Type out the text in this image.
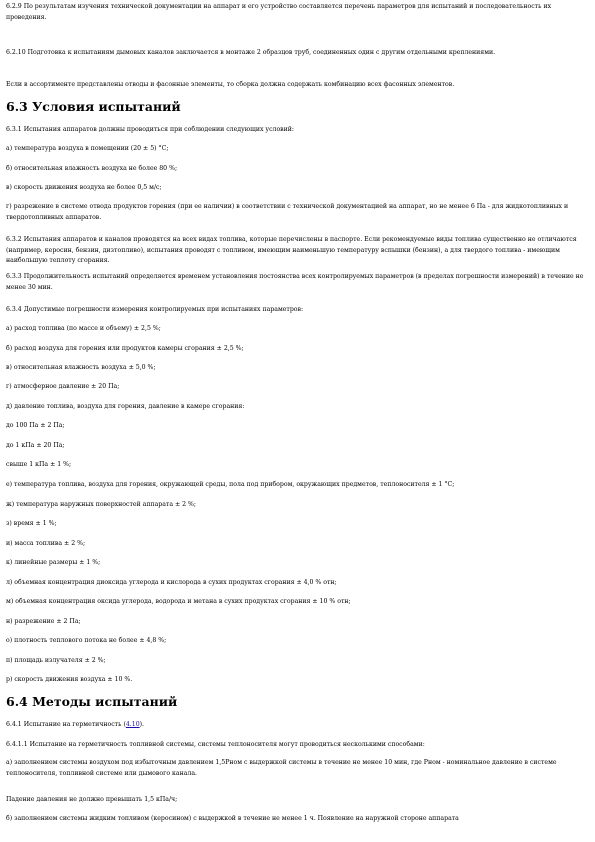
6.2.9 По результатам изучения технической документации на аппарат и его устройство составляется перечень параметров для испытаний и последовательность их проведения.
6.2.10 Подготовка к испытаниям дымовых каналов заключается в монтаже 2 образцов труб, соединенных один с другим отдельными креплениями.
Если в ассортименте представлены отводы и фасонные элементы, то сборка должна содержать комбинацию всех фасонных элементов.
6.3 Условия испытаний
6.3.1 Испытания аппаратов должны проводиться при соблюдении следующих условий:
а) температура воздуха в помещении (20 ± 5) °C;
б) относительная влажность воздуха не более 80 %;
в) скорость движения воздуха не более 0,5 м/с;
г) разрежение в системе отвода продуктов горения (при ее наличии) в соответствии с технической документацией на аппарат, но не менее 6 Па - для жидкотопливных и твердотопливных аппаратов.
6.3.2 Испытания аппаратов и каналов проводятся на всех видах топлива, которые перечислены в паспорте. Если рекомендуемые виды топлива существенно не отличаются (например, керосин, бензин, дизтопливо), испытания проводят с топливом, имеющим наименьшую температуру вспышки (бензин), а для твердого топлива - имеющим наибольшую теплоту сгорания.
6.3.3 Продолжительность испытаний определяется временем установления постоянства всех контролируемых параметров (в пределах погрешности измерений) в течение не менее 30 мин.
6.3.4 Допустимые погрешности измерения контролируемых при испытаниях параметров:
а) расход топлива (по массе и объему) ± 2,5 %;
б) расход воздуха для горения или продуктов камеры сгорания ± 2,5 %;
в) относительная влажность воздуха ± 5,0 %;
г) атмосферное давление ± 20 Па;
д) давление топлива, воздуха для горения, давление в камере сгорания:
до 100 Па ± 2 Па;
до 1 кПа ± 20 Па;
свыше 1 кПа ± 1 %;
е) температура топлива, воздуха для горения, окружающей среды, пола под прибором, окружающих предметов, теплоносителя ± 1 °C;
ж) температура наружных поверхностей аппарата ± 2 %;
з) время ± 1 %;
и) масса топлива ± 2 %;
к) линейные размеры ± 1 %;
л) объемная концентрация диоксида углерода и кислорода в сухих продуктах сгорания ± 4,0 % отн;
м) объемная концентрация оксида углерода, водорода и метана в сухих продуктах сгорания ± 10 % отн;
н) разрежение ± 2 Па;
о) плотность теплового потока не более ± 4,8 %;
п) площадь излучателя ± 2 %;
р) скорость движения воздуха ± 10 %.
6.4 Методы испытаний
6.4.1 Испытание на герметичность (4.10).
6.4.1.1 Испытание на герметичность топливной системы, системы теплоносителя могут проводиться несколькими способами:
а) заполнением системы воздухом под избыточным давлением 1,5Pном с выдержкой системы в течение не менее 10 мин, где Pном - номинальное давление в системе теплоносителя, топливной системе или дымового канала.
Падение давления не должно превышать 1,5 кПа/ч;
б) заполнением системы жидким топливом (керосином) с выдержкой в течение не менее 1 ч. Появление на наружной стороне аппарата
